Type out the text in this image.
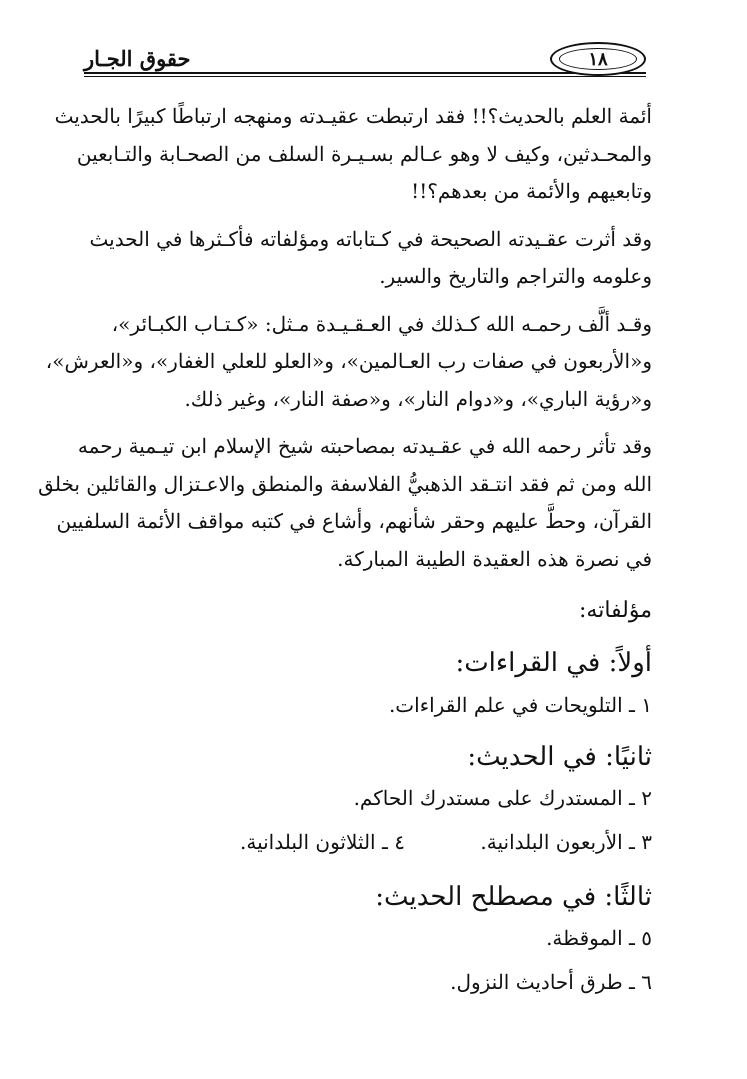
حقوق الجـار	١٨

أئمة العلم بالحديث؟!! فقد ارتبطت عقيـدته ومنهجه ارتباطًا كبيرًا بالحديث
والمحـدثين، وكيف لا وهو عـالم بسـيـرة السلف من الصحـابة والتـابعين
وتابعيهم والأئمة من بعدهم؟!!

وقد أثرت عقـيدته الصحيحة في كـتاباته ومؤلفاته فأكـثرها في الحديث
وعلومه والتراجم والتاريخ والسير.

وقـد ألَّف رحمـه الله كـذلك في العـقـيـدة مـثل: «كـتـاب الكبـائر»،
و«الأربعون في صفات رب العـالمين»، و«العلو للعلي الغفار»، و«العرش»،
و«رؤية الباري»، و«دوام النار»، و«صفة النار»، وغير ذلك.

وقد تأثر رحمه الله في عقـيدته بمصاحبته شيخ الإسلام ابن تيـمية رحمه
الله ومن ثم فقد انتـقد الذهبيُّ الفلاسفة والمنطق والاعـتزال والقائلين بخلق
القرآن، وحطَّ عليهم وحقر شأنهم، وأشاع في كتبه مواقف الأئمة السلفيين
في نصرة هذه العقيدة الطيبة المباركة.

مؤلفاته:
أولاً: في القراءات:
١ ـ التلويحات في علم القراءات.
ثانيًا: في الحديث:
٢ ـ المستدرك على مستدرك الحاكم.
٣ ـ الأربعون البلدانية.
٤ ـ الثلاثون البلدانية.
ثالثًا: في مصطلح الحديث:
٥ ـ الموقظة.
٦ ـ طرق أحاديث النزول.
